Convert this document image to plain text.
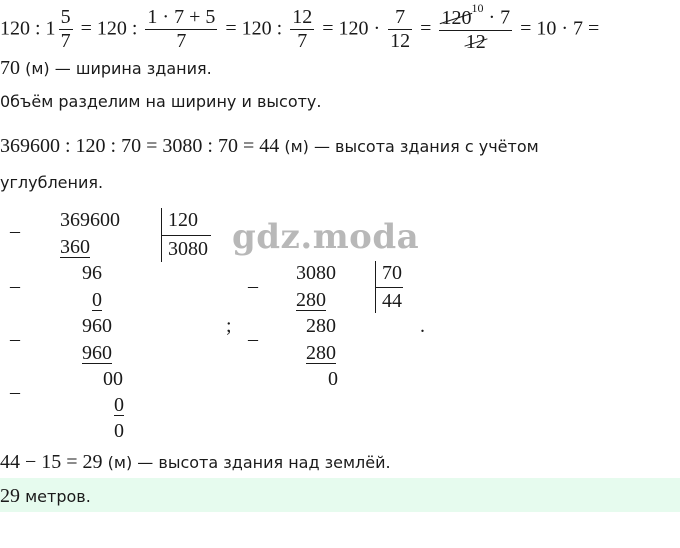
120 : $1 \frac{5}{7} = 120$ : $\frac{1 \cdot 7 + 5}{7} = 120$ : $\frac{12}{7} = 120 \cdot \frac{7}{12} = \frac{120^{10} \cdot 7}{12} = 10 \cdot 7$ =
70 (м) — ширина здания.
0бъём разделим на ширину и высоту.
369600 : 120 : 70 = 3080 : 70 = 44 (м) — высота здания с учётом
углубления.
– 369600
360
120
3080
–
96
0
–
960
960
–
00
0
0
gdz.moda
;
–
3080
280
70
44
–
280
280
0
.
44 − 15 = 29 (м) — высота здания над землёй.
29 метров.
